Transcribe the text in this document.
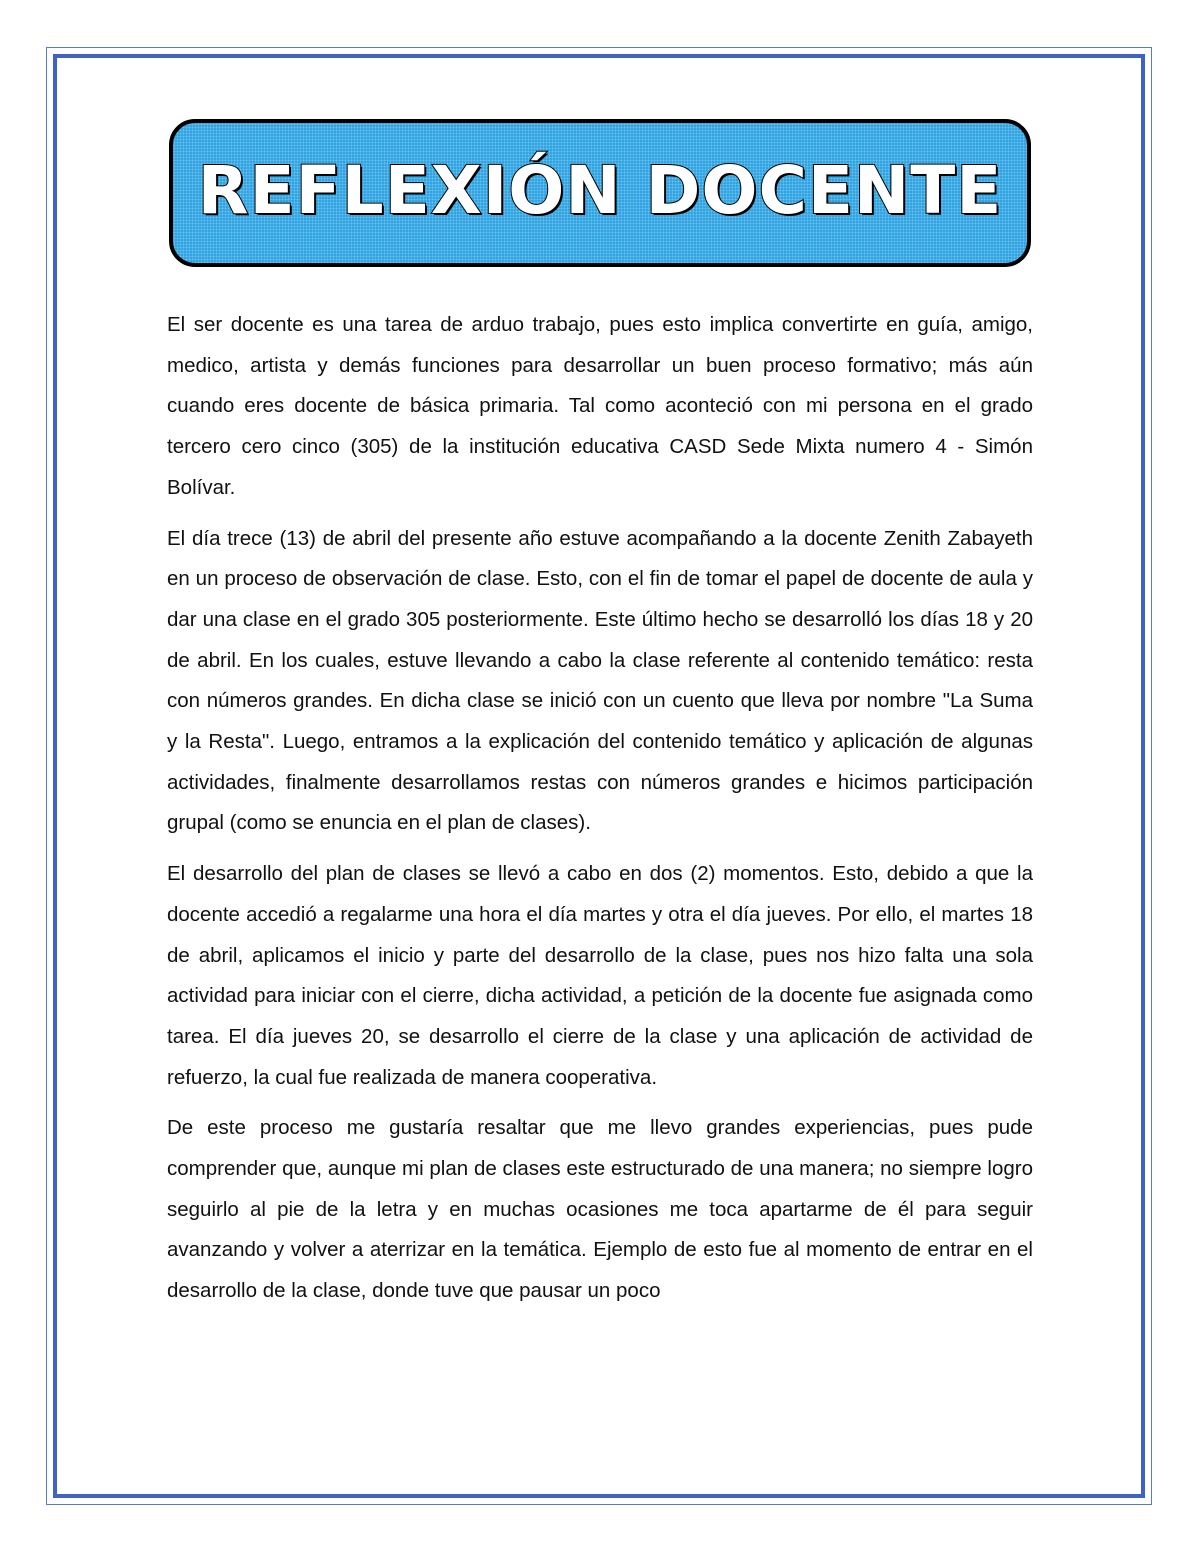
REFLEXIÓN DOCENTE

El ser docente es una tarea de arduo trabajo, pues esto implica convertirte en guía, amigo, medico, artista y demás funciones para desarrollar un buen proceso formativo; más aún cuando eres docente de básica primaria. Tal como aconteció con mi persona en el grado tercero cero cinco (305) de la institución educativa CASD Sede Mixta numero 4 - Simón Bolívar.

El día trece (13) de abril del presente año estuve acompañando a la docente Zenith Zabayeth en un proceso de observación de clase. Esto, con el fin de tomar el papel de docente de aula y dar una clase en el grado 305 posteriormente. Este último hecho se desarrolló los días 18 y 20 de abril. En los cuales, estuve llevando a cabo la clase referente al contenido temático: resta con números grandes. En dicha clase se inició con un cuento que lleva por nombre "La Suma y la Resta". Luego, entramos a la explicación del contenido temático y aplicación de algunas actividades, finalmente desarrollamos restas con números grandes e hicimos participación grupal (como se enuncia en el plan de clases).

El desarrollo del plan de clases se llevó a cabo en dos (2) momentos. Esto, debido a que la docente accedió a regalarme una hora el día martes y otra el día jueves. Por ello, el martes 18 de abril, aplicamos el inicio y parte del desarrollo de la clase, pues nos hizo falta una sola actividad para iniciar con el cierre, dicha actividad, a petición de la docente fue asignada como tarea. El día jueves 20, se desarrollo el cierre de la clase y una aplicación de actividad de refuerzo, la cual fue realizada de manera cooperativa.

De este proceso me gustaría resaltar que me llevo grandes experiencias, pues pude comprender que, aunque mi plan de clases este estructurado de una manera; no siempre logro seguirlo al pie de la letra y en muchas ocasiones me toca apartarme de él para seguir avanzando y volver a aterrizar en la temática. Ejemplo de esto fue al momento de entrar en el desarrollo de la clase, donde tuve que pausar un poco
